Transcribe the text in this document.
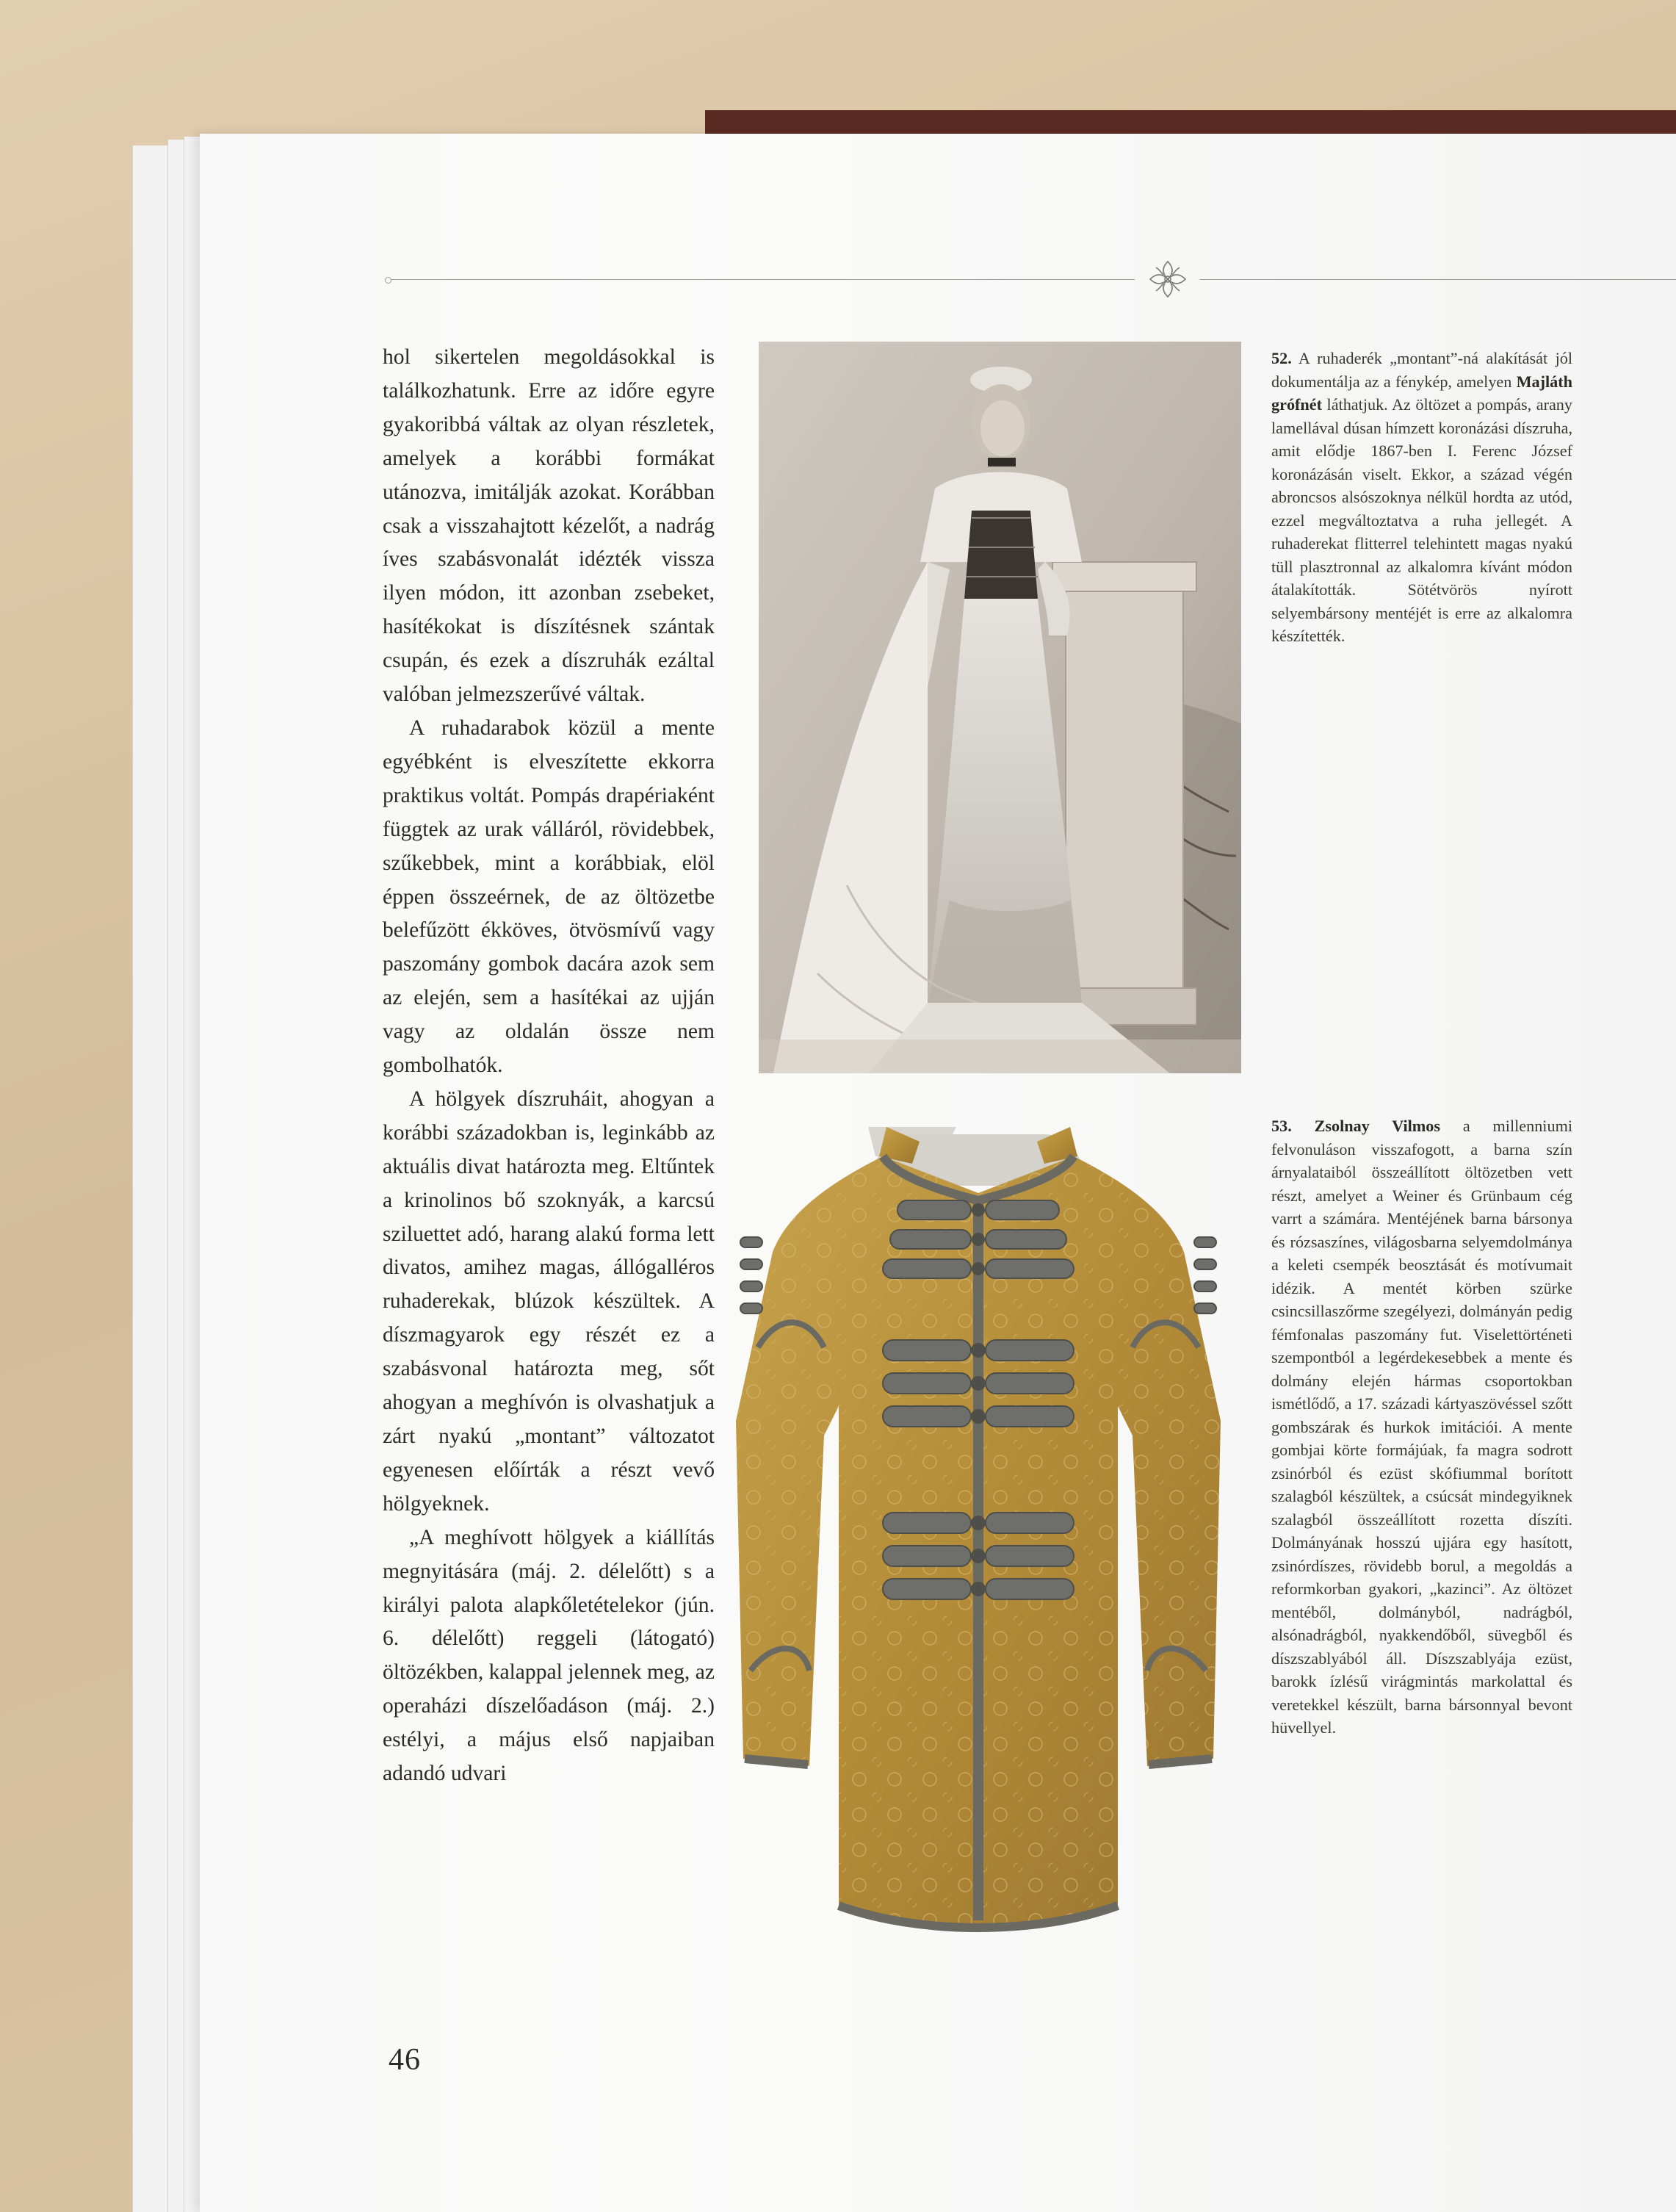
hol sikertelen megoldásokkal is találkozhatunk. Erre az időre egyre gyakoribbá váltak az olyan részletek, amelyek a korábbi formákat utánozva, imitálják azokat. Korábban csak a visszahajtott kézelőt, a nadrág íves szabásvonalát idézték vissza ilyen módon, itt azonban zsebeket, hasítékokat is díszítésnek szántak csupán, és ezek a díszruhák ezáltal valóban jelmezszerűvé váltak.

A ruhadarabok közül a mente egyébként is elveszítette ekkorra praktikus voltát. Pompás drapériaként függtek az urak válláról, rövidebbek, szűkebbek, mint a korábbiak, elöl éppen összeérnek, de az öltözetbe belefűzött ékköves, ötvösmívű vagy paszomány gombok dacára azok sem az elején, sem a hasítékai az ujján vagy az oldalán össze nem gombolhatók.

A hölgyek díszruháit, ahogyan a korábbi századokban is, leginkább az aktuális divat határozta meg. Eltűntek a krinolinos bő szoknyák, a karcsú sziluettet adó, harang alakú forma lett divatos, amihez magas, állógalléros ruhaderekak, blúzok készültek. A díszmagyarok egy részét ez a szabásvonal határozta meg, sőt ahogyan a meghívón is olvashatjuk a zárt nyakú „montant” változatot egyenesen előírták a részt vevő hölgyeknek.

„A meghívott hölgyek a kiállítás megnyitására (máj. 2. délelőtt) s a királyi palota alapkőletételekor (jún. 6. délelőtt) reggeli (látogató) öltözékben, kalappal jelennek meg, az operaházi díszelőadáson (máj. 2.) estélyi, a május első napjaiban adandó udvari

52. A ruhaderék „montant”-ná alakítását jól dokumentálja az a fénykép, amelyen Majláth grófnét láthatjuk. Az öltözet a pompás, arany lamellával dúsan hímzett koronázási díszruha, amit elődje 1867-ben I. Ferenc József koronázásán viselt. Ekkor, a század végén abroncsos alsószoknya nélkül hordta az utód, ezzel megváltoztatva a ruha jellegét. A ruhaderekat flitterrel telehintett magas nyakú tüll plasztronnal az alkalomra kívánt módon átalakították. Sötétvörös nyírott selyembársony mentéjét is erre az alkalomra készítették.
53. Zsolnay Vilmos a millenniumi felvonuláson visszafogott, a barna szín árnyalataiból összeállított öltözetben vett részt, amelyet a Weiner és Grünbaum cég varrt a számára. Mentéjének barna bársonya és rózsaszínes, világosbarna selyemdolmánya a keleti csempék beosztását és motívumait idézik. A mentét körben szürke csincsillaszőrme szegélyezi, dolmányán pedig fémfonalas paszomány fut. Viselettörténeti szempontból a legérdekesebbek a mente és dolmány elején hármas csoportokban ismétlődő, a 17. századi kártyaszövéssel szőtt gombszárak és hurkok imitációi. A mente gombjai körte formájúak, fa magra sodrott zsinórból és ezüst skófiummal borított szalagból készültek, a csúcsát mindegyiknek szalagból összeállított rozetta díszíti. Dolmányának hosszú ujjára egy hasított, zsinórdíszes, rövidebb borul, a megoldás a reformkorban gyakori, „kazinci”. Az öltözet mentéből, dolmányból, nadrágból, alsónadrágból, nyakkendőből, süvegből és díszszablyából áll. Díszszablyája ezüst, barokk ízlésű virágmintás markolattal és veretekkel készült, barna bársonnyal bevont hüvellyel.
46
